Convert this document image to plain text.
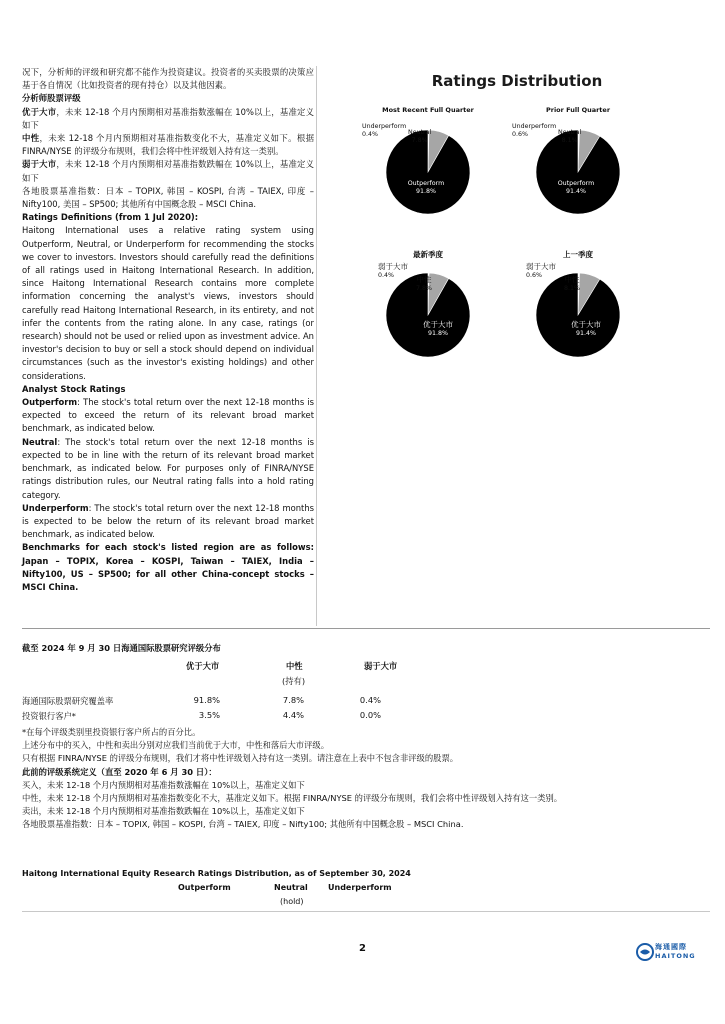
况下，分析师的评级和研究都不能作为投资建议。投资者的买卖股票的决策应基于各自情况（比如投资者的现有持仓）以及其他因素。

分析师股票评级

优于大市，未来 12-18 个月内预期相对基准指数涨幅在 10%以上，基准定义如下

中性，未来 12-18 个月内预期相对基准指数变化不大，基准定义如下。根据FINRA/NYSE 的评级分布规则，我们会将中性评级划入持有这一类别。

弱于大市，未来 12-18 个月内预期相对基准指数跌幅在 10%以上，基准定义如下

各地股票基准指数：日本 – TOPIX, 韩国 – KOSPI, 台湾 – TAIEX, 印度 – Nifty100, 美国 – SP500; 其他所有中国概念股 – MSCI China.

Ratings Definitions (from 1 Jul 2020):

Haitong International uses a relative rating system using Outperform, Neutral, or Underperform for recommending the stocks we cover to investors. Investors should carefully read the definitions of all ratings used in Haitong International Research. In addition, since Haitong International Research contains more complete information concerning the analyst's views, investors should carefully read Haitong International Research, in its entirety, and not infer the contents from the rating alone. In any case, ratings (or research) should not be used or relied upon as investment advice. An investor's decision to buy or sell a stock should depend on individual circumstances (such as the investor's existing holdings) and other considerations.

Analyst Stock Ratings

Outperform: The stock's total return over the next 12-18 months is expected to exceed the return of its relevant broad market benchmark, as indicated below.

Neutral: The stock's total return over the next 12-18 months is expected to be in line with the return of its relevant broad market benchmark, as indicated below. For purposes only of FINRA/NYSE ratings distribution rules, our Neutral rating falls into a hold rating category.

Underperform: The stock's total return over the next 12-18 months is expected to be below the return of its relevant broad market benchmark, as indicated below.

Benchmarks for each stock's listed region are as follows: Japan – TOPIX, Korea – KOSPI, Taiwan – TAIEX, India – Nifty100, US – SP500; for all other China-concept stocks – MSCI China.

Ratings Distribution
Most Recent Full Quarter
Underperform
0.4%	Neutral
7.8%
Outperform
91.8%
Prior Full Quarter
Underperform
0.6%	Neutral
8.1%
Outperform
91.4%
最新季度
弱于大市
0.4%	中性
7.8%
优于大市
91.8%
上一季度
弱于大市
0.6%	中性
8.1%
优于大市
91.4%

截至 2024 年 9 月 30 日海通国际股票研究评级分布

优于大市	中性	弱于大市
(持有)
海通国际股票研究覆盖率	91.8%	7.8%	0.4%
投资银行客户*	3.5%	4.4%	0.0%

*在每个评级类别里投资银行客户所占的百分比。

上述分布中的买入，中性和卖出分别对应我们当前优于大市，中性和落后大市评级。

只有根据 FINRA/NYSE 的评级分布规则，我们才将中性评级划入持有这一类别。请注意在上表中不包含非评级的股票。

此前的评级系统定义（直至 2020 年 6 月 30 日）：

买入，未来 12-18 个月内预期相对基准指数涨幅在 10%以上，基准定义如下

中性，未来 12-18 个月内预期相对基准指数变化不大，基准定义如下。根据 FINRA/NYSE 的评级分布规则，我们会将中性评级划入持有这一类别。

卖出，未来 12-18 个月内预期相对基准指数跌幅在 10%以上，基准定义如下

各地股票基准指数：日本 – TOPIX, 韩国 – KOSPI, 台湾 – TAIEX, 印度 – Nifty100; 其他所有中国概念股 – MSCI China.

Haitong International Equity Research Ratings Distribution, as of September 30, 2024

Outperform	Neutral	Underperform
(hold)
2	海通國際
HAITONG
